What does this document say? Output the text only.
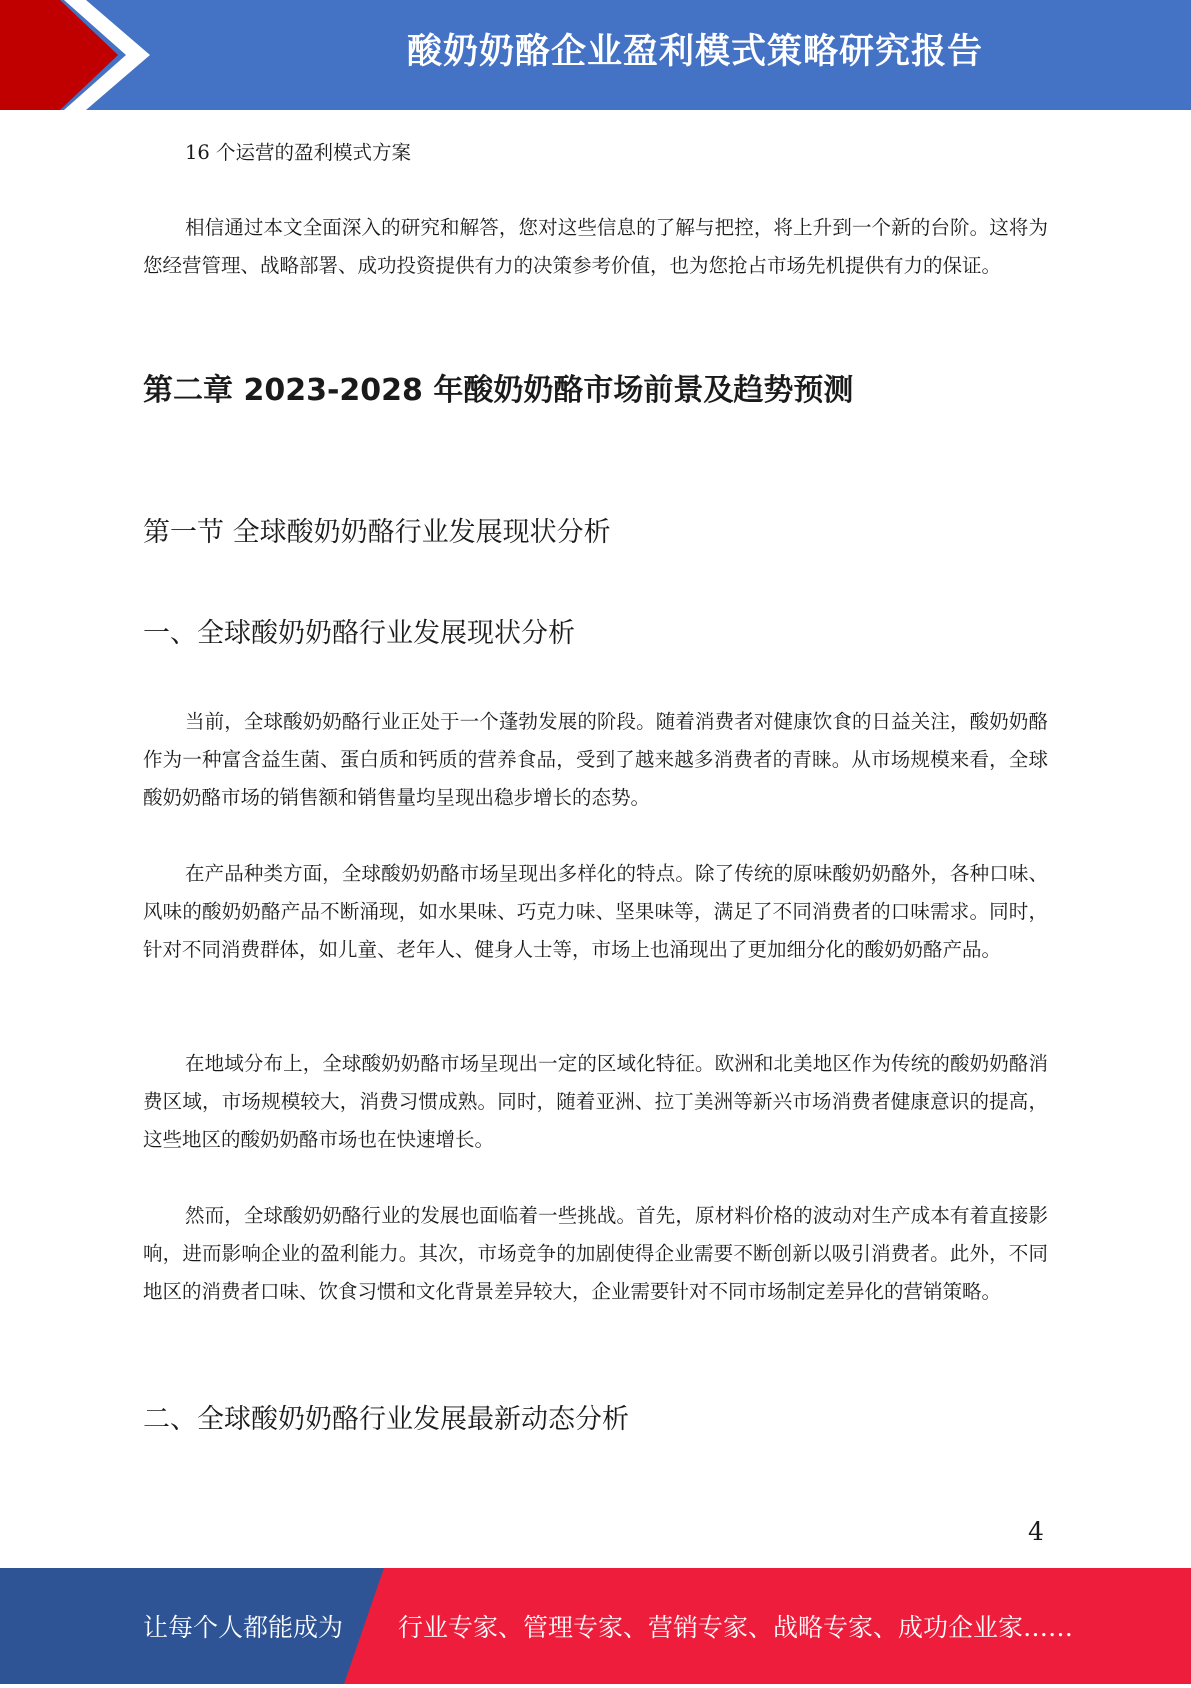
酸奶奶酪企业盈利模式策略研究报告

16 个运营的盈利模式方案

相信通过本文全面深入的研究和解答，您对这些信息的了解与把控，将上升到一个新的台阶。这将为您经营管理、战略部署、成功投资提供有力的决策参考价值，也为您抢占市场先机提供有力的保证。

第二章 2023-2028 年酸奶奶酪市场前景及趋势预测
第一节 全球酸奶奶酪行业发展现状分析
一、全球酸奶奶酪行业发展现状分析

当前，全球酸奶奶酪行业正处于一个蓬勃发展的阶段。随着消费者对健康饮食的日益关注，酸奶奶酪作为一种富含益生菌、蛋白质和钙质的营养食品，受到了越来越多消费者的青睐。从市场规模来看，全球酸奶奶酪市场的销售额和销售量均呈现出稳步增长的态势。

在产品种类方面，全球酸奶奶酪市场呈现出多样化的特点。除了传统的原味酸奶奶酪外，各种口味、风味的酸奶奶酪产品不断涌现，如水果味、巧克力味、坚果味等，满足了不同消费者的口味需求。同时，针对不同消费群体，如儿童、老年人、健身人士等，市场上也涌现出了更加细分化的酸奶奶酪产品。

在地域分布上，全球酸奶奶酪市场呈现出一定的区域化特征。欧洲和北美地区作为传统的酸奶奶酪消费区域，市场规模较大，消费习惯成熟。同时，随着亚洲、拉丁美洲等新兴市场消费者健康意识的提高，这些地区的酸奶奶酪市场也在快速增长。

然而，全球酸奶奶酪行业的发展也面临着一些挑战。首先，原材料价格的波动对生产成本有着直接影响，进而影响企业的盈利能力。其次，市场竞争的加剧使得企业需要不断创新以吸引消费者。此外，不同地区的消费者口味、饮食习惯和文化背景差异较大，企业需要针对不同市场制定差异化的营销策略。

二、全球酸奶奶酪行业发展最新动态分析
4
让每个人都能成为 行业专家、管理专家、营销专家、战略专家、成功企业家……
